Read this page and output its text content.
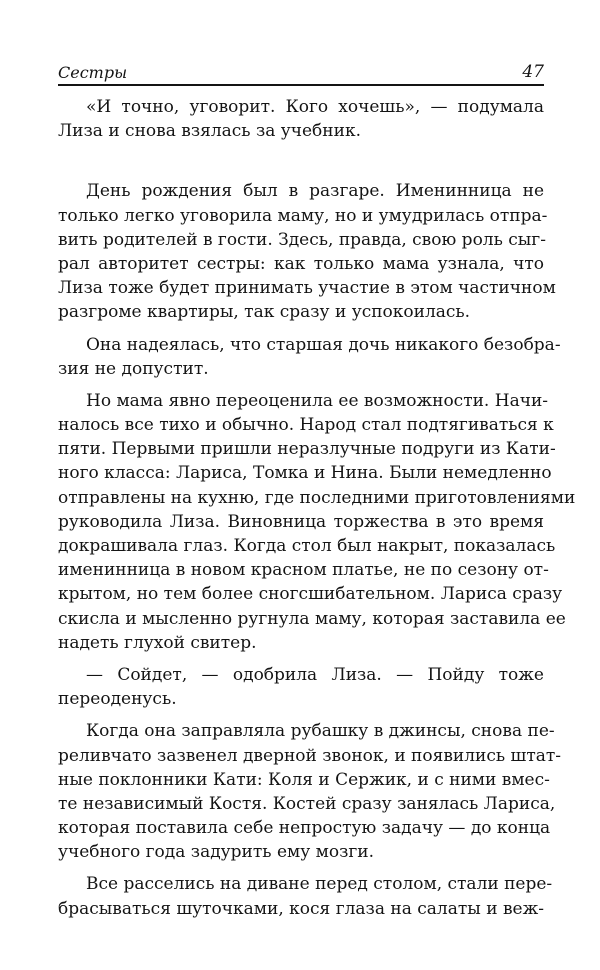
Сестры	47
«И точно, уговорит. Кого хочешь», — подумала
Лиза и снова взялась за учебник.
День рождения был в разгаре. Именинница не
только легко уговорила маму, но и умудрилась отпра-
вить родителей в гости. Здесь, правда, свою роль сыг-
рал авторитет сестры: как только мама узнала, что
Лиза тоже будет принимать участие в этом частичном
разгроме квартиры, так сразу и успокоилась.
Она надеялась, что старшая дочь никакого безобра-
зия не допустит.
Но мама явно переоценила ее возможности. Начи-
налось все тихо и обычно. Народ стал подтягиваться к
пяти. Первыми пришли неразлучные подруги из Кати-
ного класса: Лариса, Томка и Нина. Были немедленно
отправлены на кухню, где последними приготовлениями
руководила Лиза. Виновница торжества в это время
докрашивала глаз. Когда стол был накрыт, показалась
именинница в новом красном платье, не по сезону от-
крытом, но тем более сногсшибательном. Лариса сразу
скисла и мысленно ругнула маму, которая заставила ее
надеть глухой свитер.
— Сойдет, — одобрила Лиза. — Пойду тоже
переоденусь.
Когда она заправляла рубашку в джинсы, снова пе-
реливчато зазвенел дверной звонок, и появились штат-
ные поклонники Кати: Коля и Сержик, и с ними вмес-
те независимый Костя. Костей сразу занялась Лариса,
которая поставила себе непростую задачу — до конца
учебного года задурить ему мозги.
Все расселись на диване перед столом, стали пере-
брасываться шуточками, кося глаза на салаты и веж-
